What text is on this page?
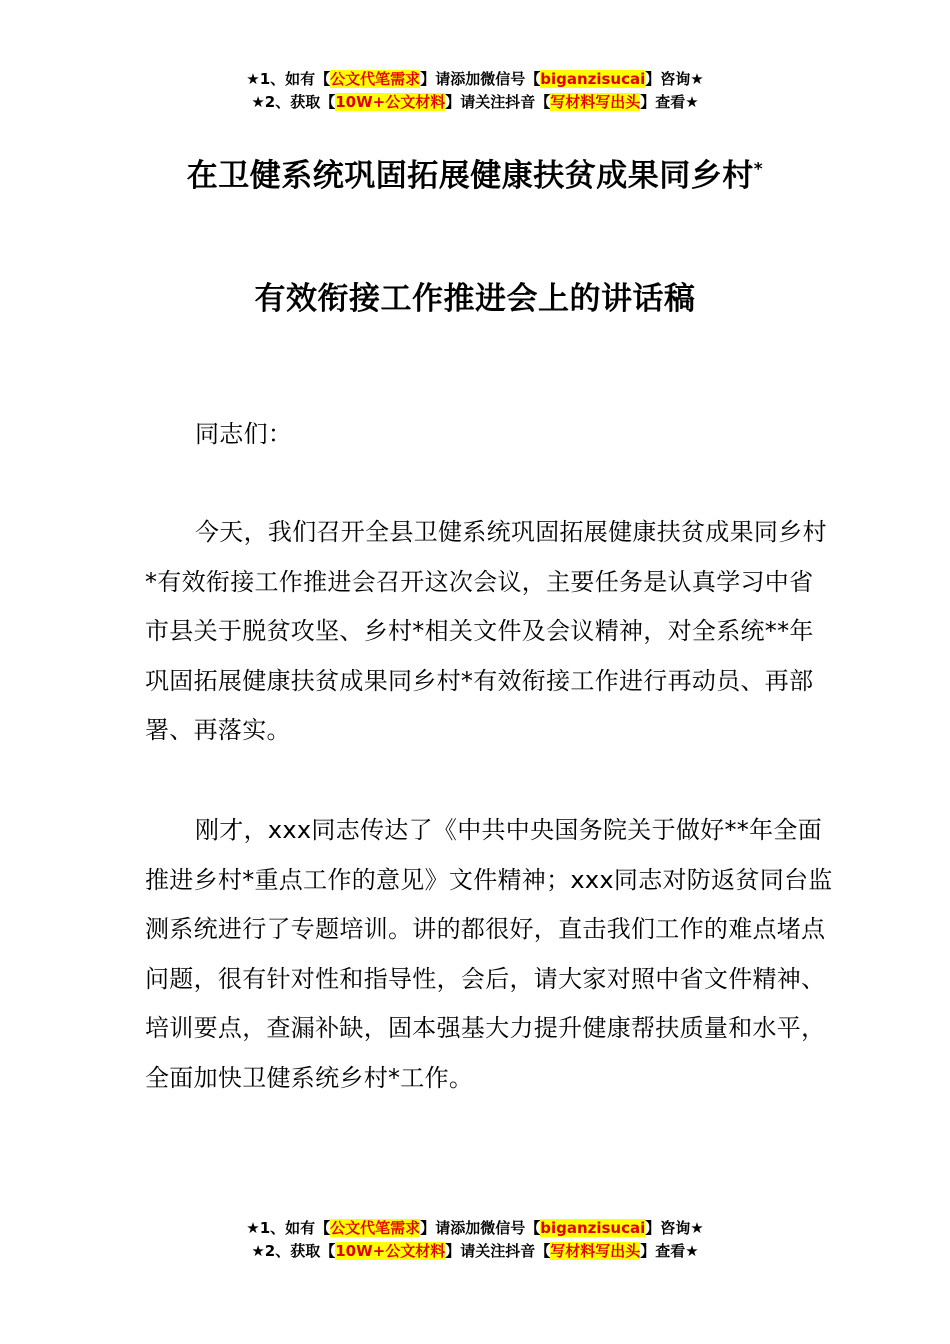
★1、如有【公文代笔需求】请添加微信号【biganzisucai】咨询★
★2、获取【10W+公文材料】请关注抖音【写材料写出头】查看★
在卫健系统巩固拓展健康扶贫成果同乡村*
有效衔接工作推进会上的讲话稿

同志们：

今天，我们召开全县卫健系统巩固拓展健康扶贫成果同乡村*有效衔接工作推进会召开这次会议，主要任务是认真学习中省市县关于脱贫攻坚、乡村*相关文件及会议精神，对全系统**年巩固拓展健康扶贫成果同乡村*有效衔接工作进行再动员、再部署、再落实。

刚才，xxx同志传达了《中共中央国务院关于做好**年全面推进乡村*重点工作的意见》文件精神；xxx同志对防返贫同台监测系统进行了专题培训。讲的都很好，直击我们工作的难点堵点问题，很有针对性和指导性，会后，请大家对照中省文件精神、培训要点，查漏补缺，固本强基大力提升健康帮扶质量和水平，全面加快卫健系统乡村*工作。

★1、如有【公文代笔需求】请添加微信号【biganzisucai】咨询★
★2、获取【10W+公文材料】请关注抖音【写材料写出头】查看★
